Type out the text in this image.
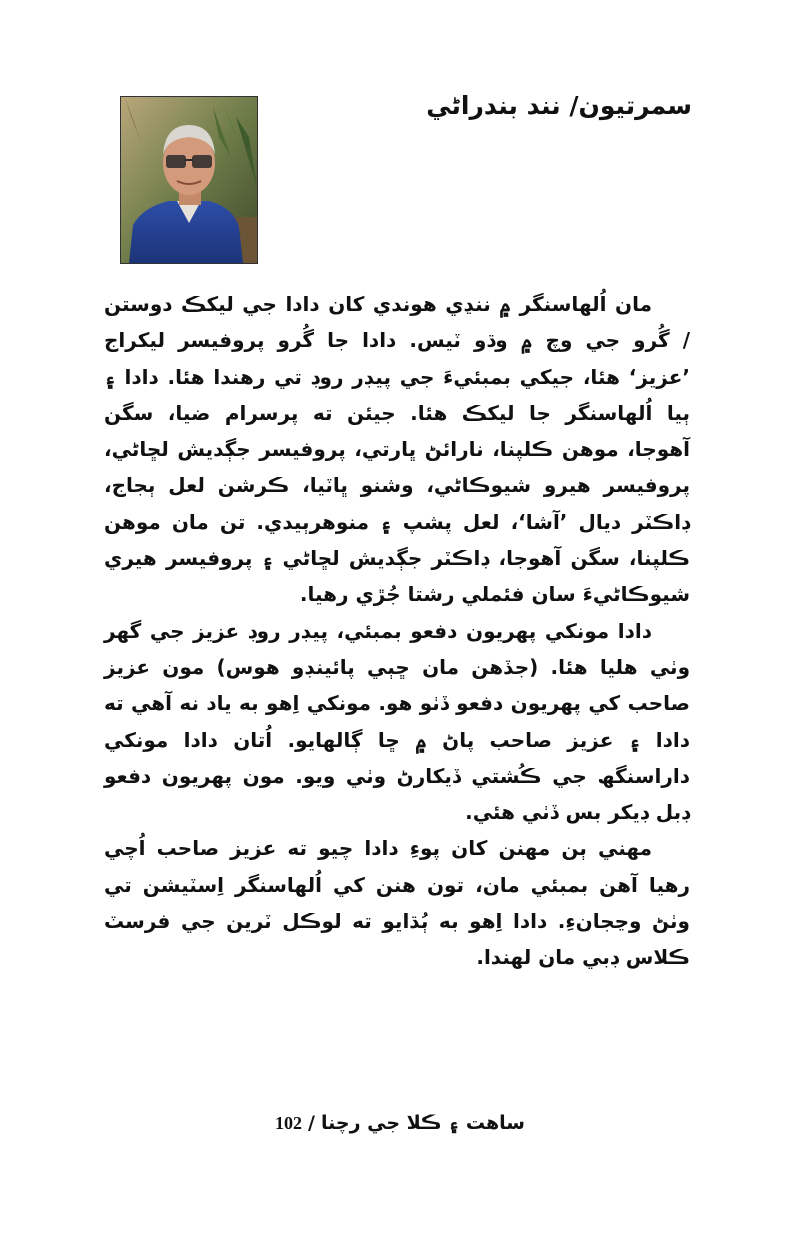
سمرتيون/ نند بندراڻي

مان اُلهاسنگر ۾ ننڍي هوندي کان دادا جي ليکڪ دوستن / گُرو جي وچ ۾ وڌو ٽيس. دادا جا گُرو پروفيسر ليکراج ’عزيز‘ هئا، جيکي بمبئيءَ جي پيڊر روڊ تي رهندا هئا. دادا ۽ ٻيا اُلهاسنگر جا ليکڪ هئا. جيئن ته پرسرام ضيا، سگن آهوجا، موهن ڪلپنا، نارائڻ ڀارتي، پروفيسر جڳديش لڇاڻي، پروفيسر هيرو شيوڪاڻي، وشنو ڀاٽيا، ڪرشن لعل ٻجاج، ڊاڪٽر ديال ’آشا‘، لعل پشپ ۽ منوهرٻيدي. تن مان موهن ڪلپنا، سگن آهوجا، ڊاڪٽر جڳديش لڇاڻي ۽ پروفيسر هيري شيوڪاڻيءَ سان فئملي رشتا جُڙي رهيا.

دادا مونکي پهريون دفعو بمبئي، پيڊر روڊ عزيز جي گهر وٺي هليا هئا. (جڏهن مان ڇٻي پائينڊو هوس) مون عزيز صاحب کي پهريون دفعو ڏٺو هو. مونکي اِهو به ياد نه آهي ته دادا ۽ عزيز صاحب پاڻ ۾ ڇا ڳالهايو. اُتان دادا مونکي داراسنگھ جي ڪُشتي ڏيکارڻ وٺي ويو. مون پهريون دفعو ڊبل ڊيکر بس ڏٺي هئي.

مهني ٻن مهنن کان پوءِ دادا چيو ته عزيز صاحب اُچي رهيا آهن بمبئي مان، تون هنن کي اُلهاسنگر اِسٽيشن تي وٺڻ وڃجانءِ. دادا اِهو به ٻُڌايو ته لوڪل ٽرين جي فرسٽ ڪلاس ڊبي مان لهندا.

ساهت ۽ ڪلا جي رچنا/102
